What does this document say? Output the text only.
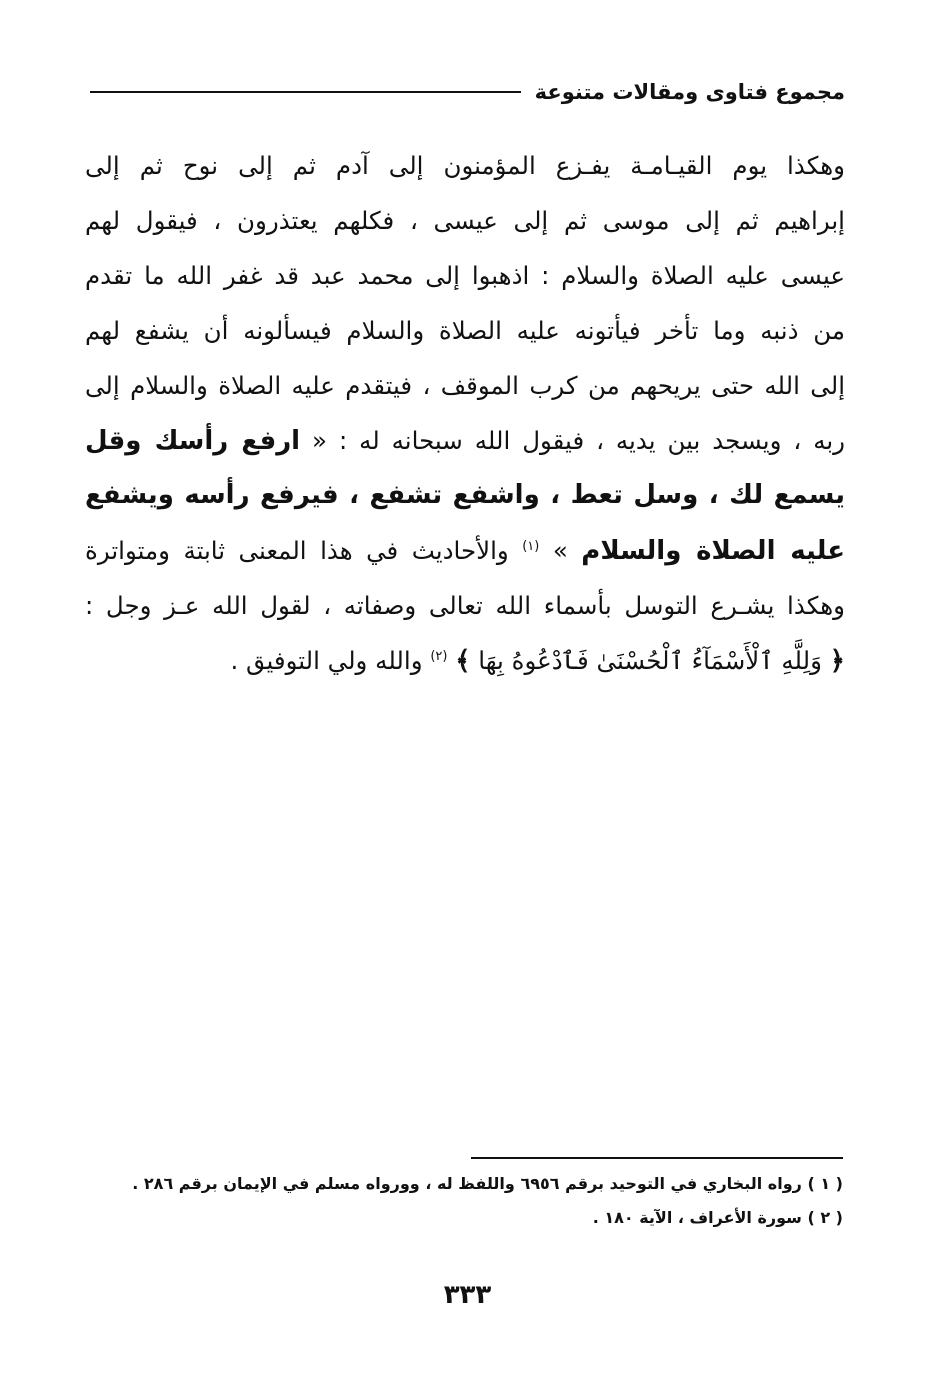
مجموع فتاوى ومقالات متنوعة
وهكذا يوم القيـامـة يفـزع المؤمنون إلى آدم ثم إلى نوح ثم إلى
إبراهيم ثم إلى موسى ثم إلى عيسى ، فكلهم يعتذرون ، فيقول لهم
عيسى عليه الصلاة والسلام : اذهبوا إلى محمد عبد قد غفر الله ما تقدم
من ذنبه وما تأخر فيأتونه عليه الصلاة والسلام فيسألونه أن يشفع لهم
إلى الله حتى يريحهم من كرب الموقف ، فيتقدم عليه الصلاة والسلام إلى
ربه ، ويسجد بين يديه ، فيقول الله سبحانه له : « ارفع رأسك وقل
يسمع لك ، وسل تعط ، واشفع تشفع ، فيرفع رأسه ويشفع
عليه الصلاة والسلام » $^{(١)}$ والأحاديث في هذا المعنى ثابتة ومتواترة
وهكذا يشـرع التوسل بأسماء الله تعالى وصفاته ، لقول الله عـز وجل :
﴿ وَلِلَّهِ ٱلْأَسْمَآءُ ٱلْحُسْنَىٰ فَٱدْعُوهُ بِهَا ﴾ $^{(٢)}$ والله ولي التوفيق .
( ١ ) رواه البخاري في التوحيد برقم ٦٩٥٦ واللفظ له ، وورواه مسلم في الإيمان برقم ٢٨٦ .
( ٢ ) سورة الأعراف ، الآية ١٨٠ .
٣٣٣
